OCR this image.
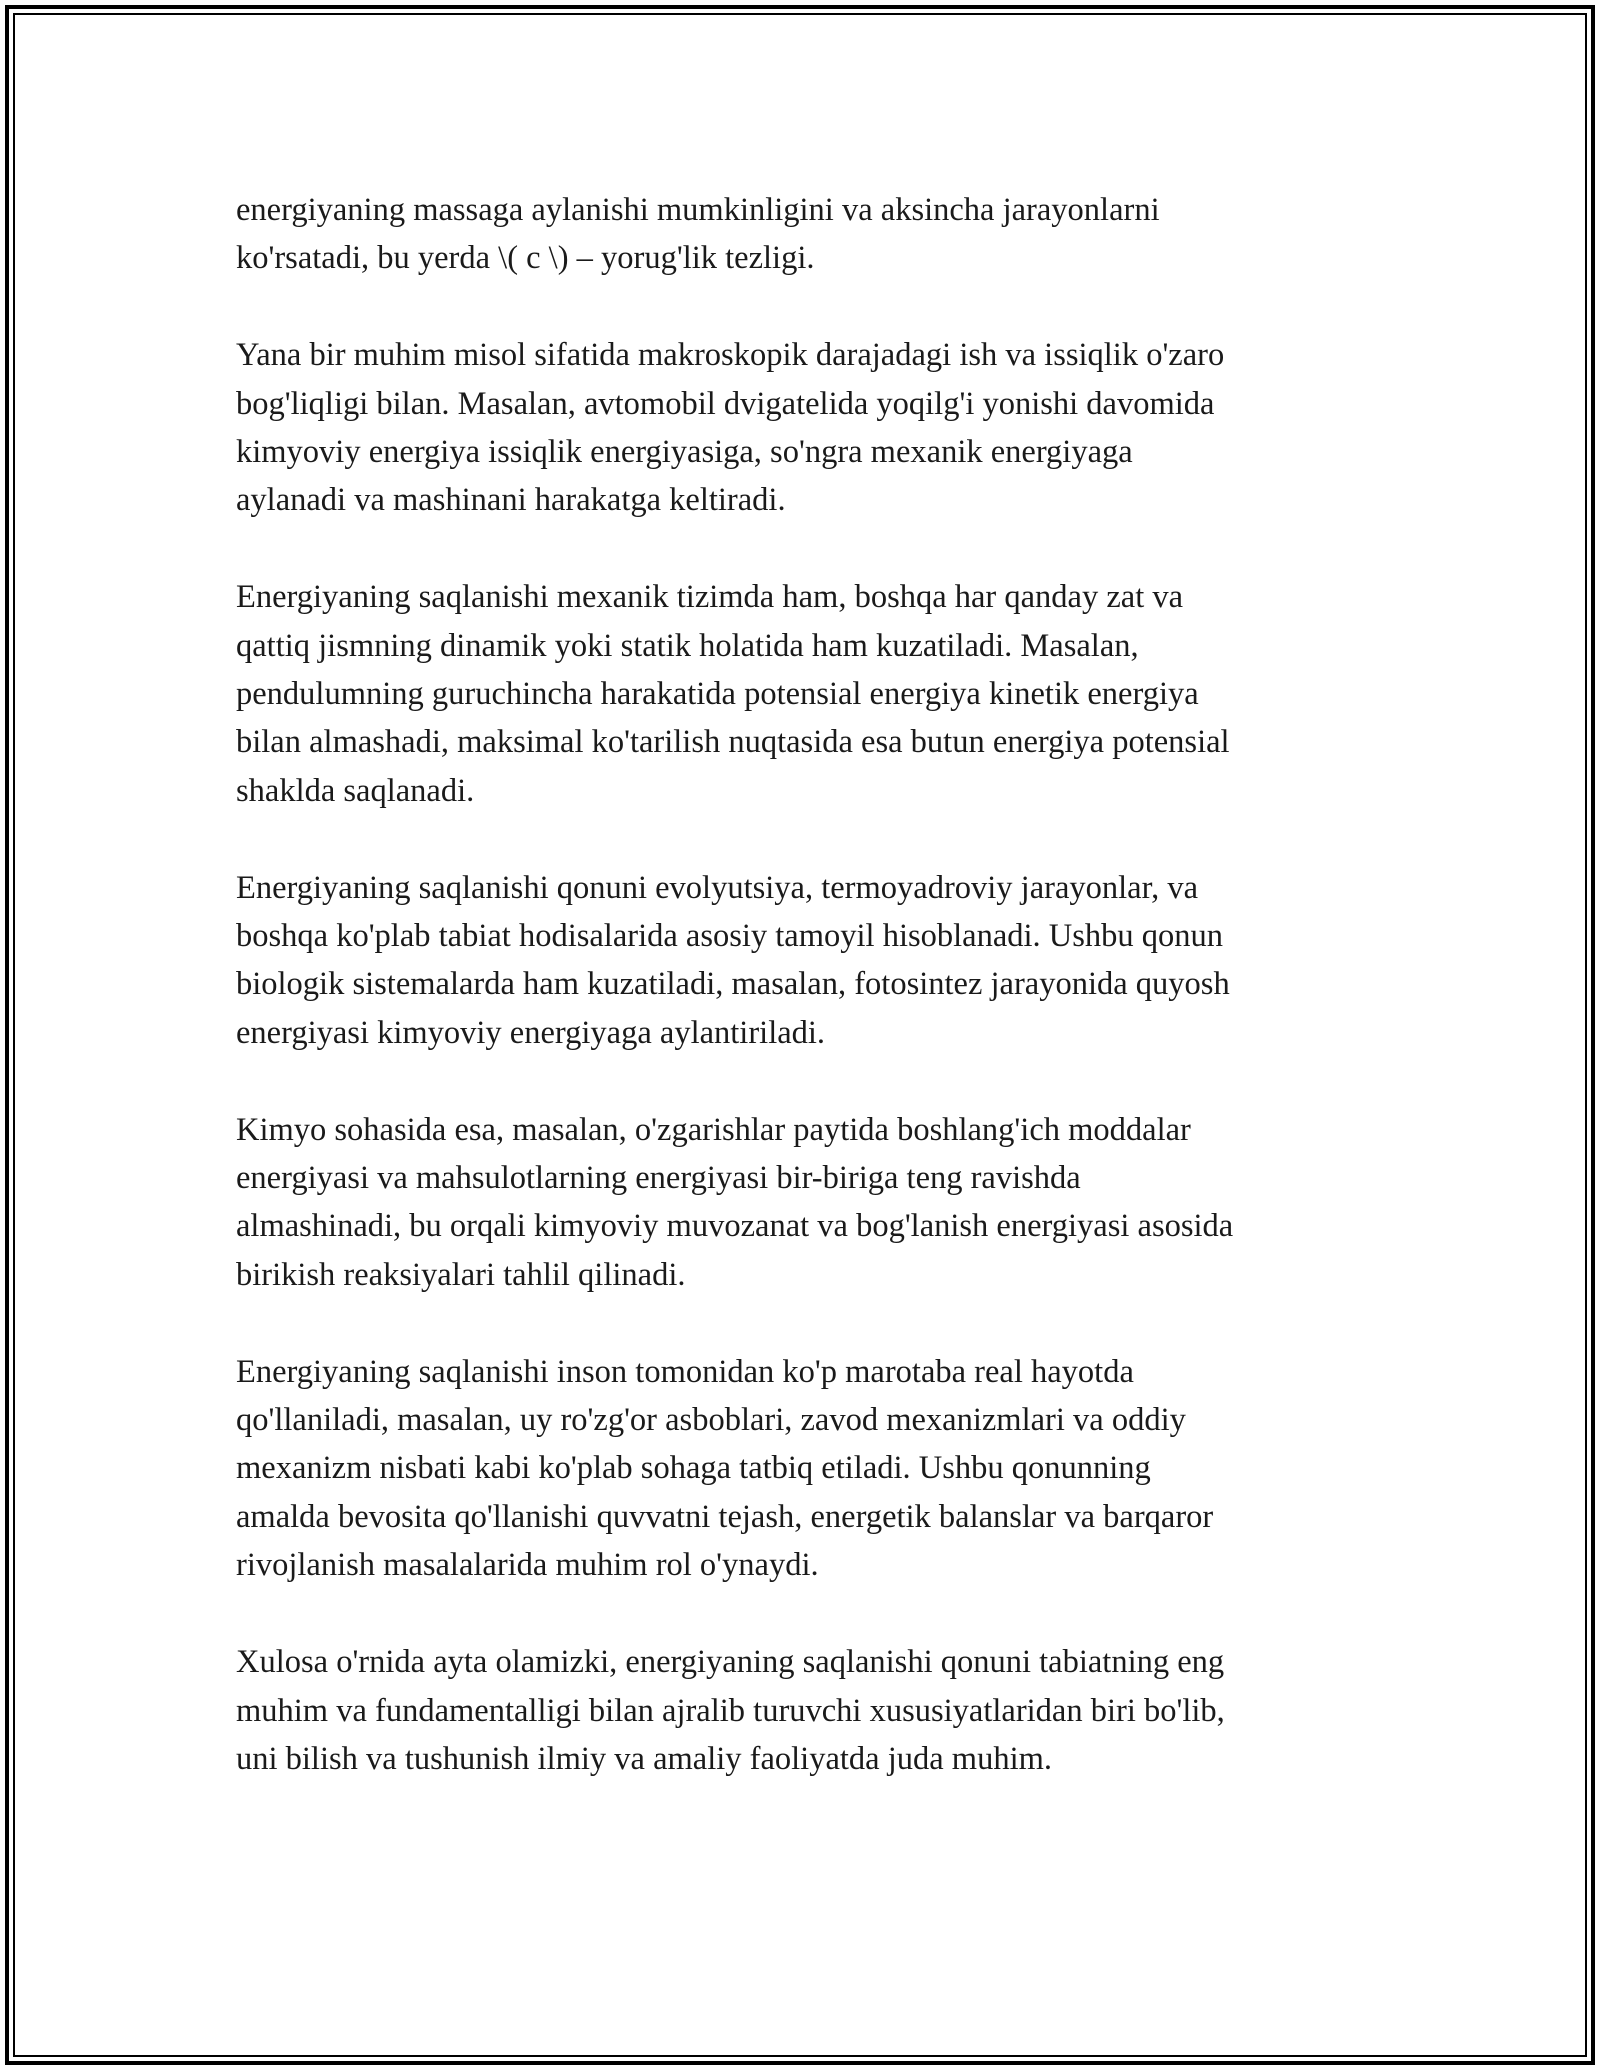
energiyaning massaga aylanishi mumkinligini va aksincha jarayonlarni
ko'rsatadi, bu yerda \( c \) – yorug'lik tezligi.

Yana bir muhim misol sifatida makroskopik darajadagi ish va issiqlik o'zaro
bog'liqligi bilan. Masalan, avtomobil dvigatelida yoqilg'i yonishi davomida
kimyoviy energiya issiqlik energiyasiga, so'ngra mexanik energiyaga
aylanadi va mashinani harakatga keltiradi.

Energiyaning saqlanishi mexanik tizimda ham, boshqa har qanday zat va
qattiq jismning dinamik yoki statik holatida ham kuzatiladi. Masalan,
pendulumning guruchincha harakatida potensial energiya kinetik energiya
bilan almashadi, maksimal ko'tarilish nuqtasida esa butun energiya potensial
shaklda saqlanadi.

Energiyaning saqlanishi qonuni evolyutsiya, termoyadroviy jarayonlar, va
boshqa ko'plab tabiat hodisalarida asosiy tamoyil hisoblanadi. Ushbu qonun
biologik sistemalarda ham kuzatiladi, masalan, fotosintez jarayonida quyosh
energiyasi kimyoviy energiyaga aylantiriladi.

Kimyo sohasida esa, masalan, o'zgarishlar paytida boshlang'ich moddalar
energiyasi va mahsulotlarning energiyasi bir-biriga teng ravishda
almashinadi, bu orqali kimyoviy muvozanat va bog'lanish energiyasi asosida
birikish reaksiyalari tahlil qilinadi.

Energiyaning saqlanishi inson tomonidan ko'p marotaba real hayotda
qo'llaniladi, masalan, uy ro'zg'or asboblari, zavod mexanizmlari va oddiy
mexanizm nisbati kabi ko'plab sohaga tatbiq etiladi. Ushbu qonunning
amalda bevosita qo'llanishi quvvatni tejash, energetik balanslar va barqaror
rivojlanish masalalarida muhim rol o'ynaydi.

Xulosa o'rnida ayta olamizki, energiyaning saqlanishi qonuni tabiatning eng
muhim va fundamentalligi bilan ajralib turuvchi xususiyatlaridan biri bo'lib,
uni bilish va tushunish ilmiy va amaliy faoliyatda juda muhim.
